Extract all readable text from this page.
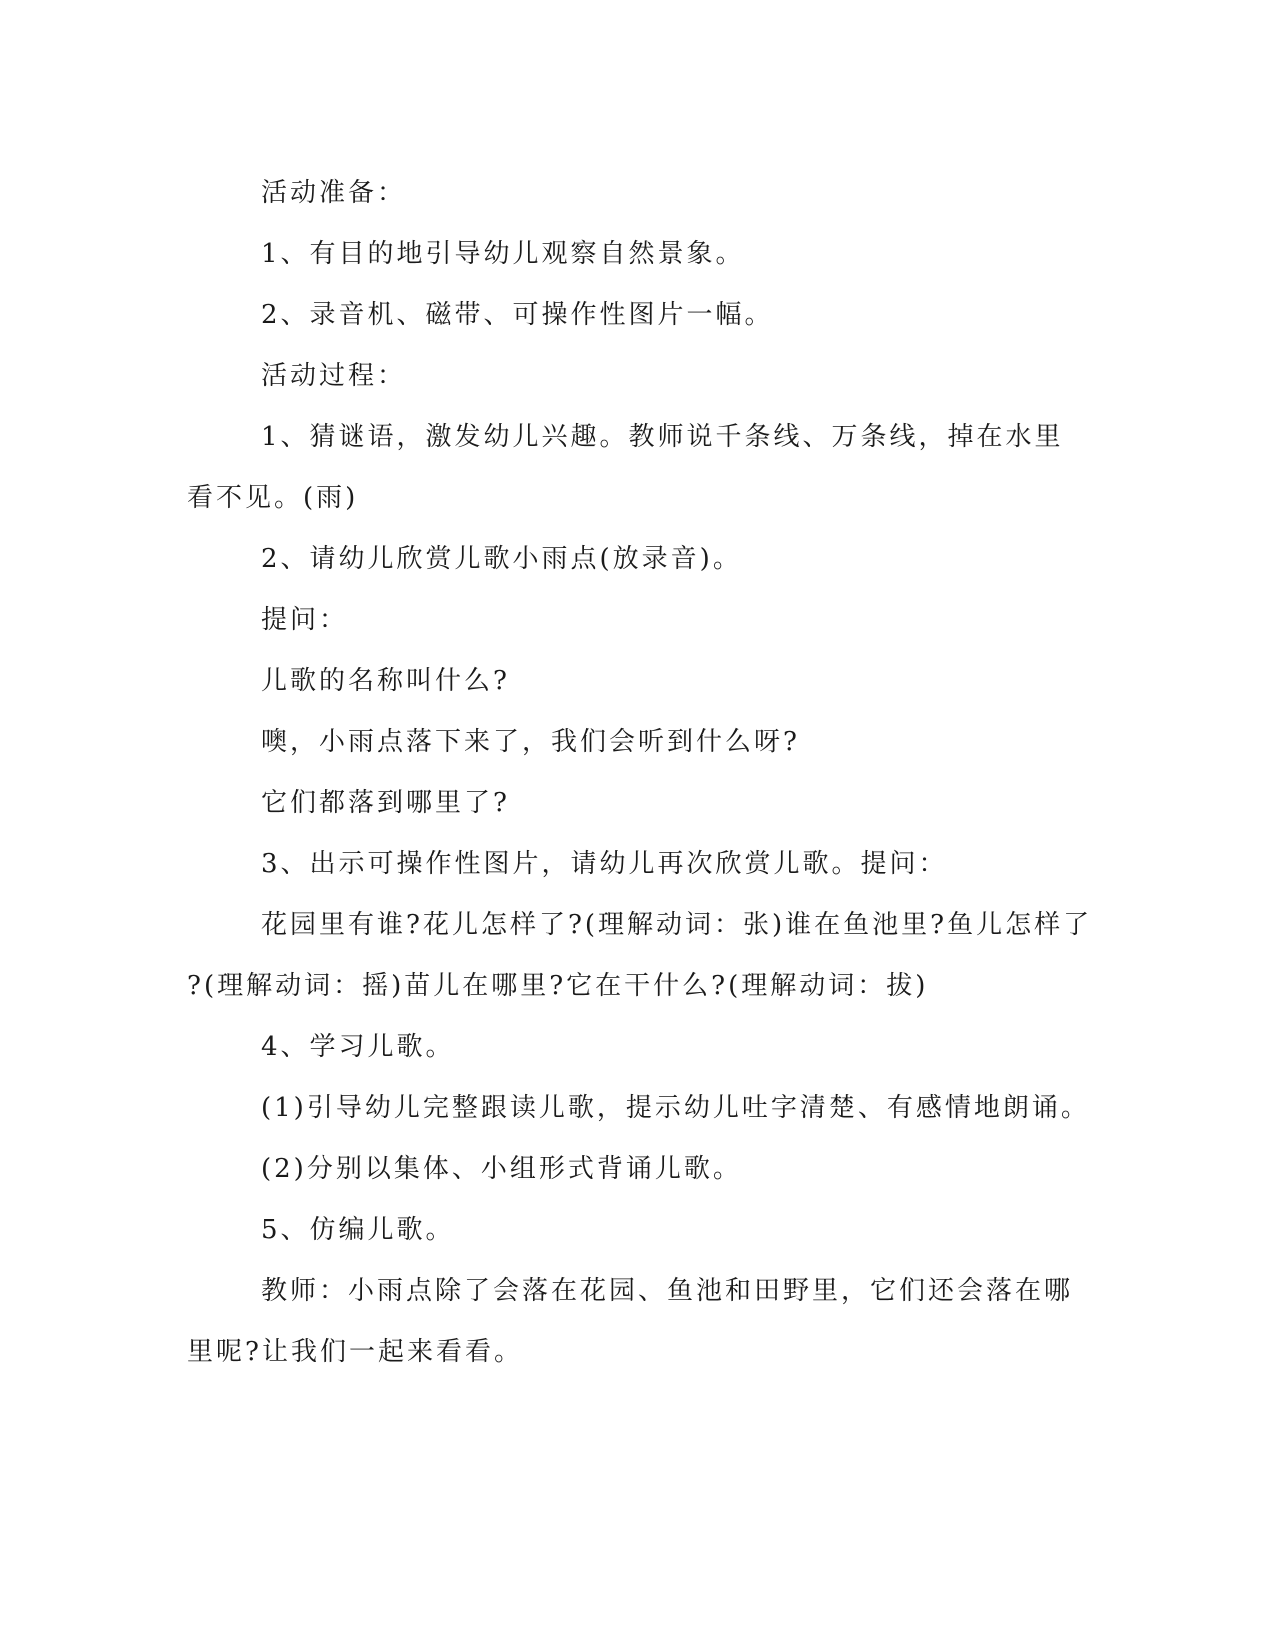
活动准备：
1、有目的地引导幼儿观察自然景象。
2、录音机、磁带、可操作性图片一幅。
活动过程：
1、猜谜语，激发幼儿兴趣。教师说千条线、万条线，掉在水里
看不见。(雨)
2、请幼儿欣赏儿歌小雨点(放录音)。
提问：
儿歌的名称叫什么?
噢，小雨点落下来了，我们会听到什么呀?
它们都落到哪里了?
3、出示可操作性图片，请幼儿再次欣赏儿歌。提问：
花园里有谁?花儿怎样了?(理解动词：张)谁在鱼池里?鱼儿怎样了
?(理解动词：摇)苗儿在哪里?它在干什么?(理解动词：拔)
4、学习儿歌。
(1)引导幼儿完整跟读儿歌，提示幼儿吐字清楚、有感情地朗诵。
(2)分别以集体、小组形式背诵儿歌。
5、仿编儿歌。
教师：小雨点除了会落在花园、鱼池和田野里，它们还会落在哪
里呢?让我们一起来看看。
